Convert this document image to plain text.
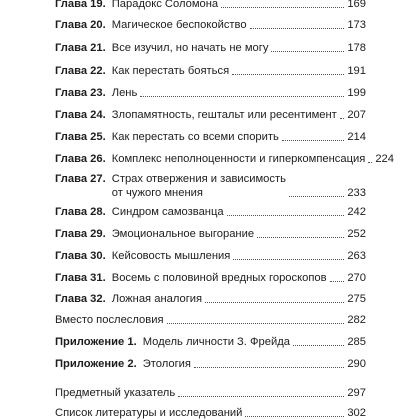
Глава 19. Парадокс Соломона	169
Глава 20. Магическое беспокойство	173
Глава 21. Все изучил, но начать не могу	178
Глава 22. Как перестать бояться	191
Глава 23. Лень	199
Глава 24. Злопамятность, гештальт или ресентимент 207
Глава 25. Как перестать со всеми спорить	214
Глава 26. Комплекс неполноценности и гиперкомпенсация 224
Глава 27. Страх отвержения и зависимость
от чужого мнения	233
Глава 28. Синдром самозванца	242
Глава 29. Эмоциональное выгорание	252
Глава 30. Кейсовость мышления	263
Глава 31. Восемь с половиной вредных гороскопов 270
Глава 32. Ложная аналогия	275
Вместо послесловия	282
Приложение 1. Модель личности З. Фрейда	285
Приложение 2. Этология	290
Предметный указатель	297
Список литературы и исследований	302
